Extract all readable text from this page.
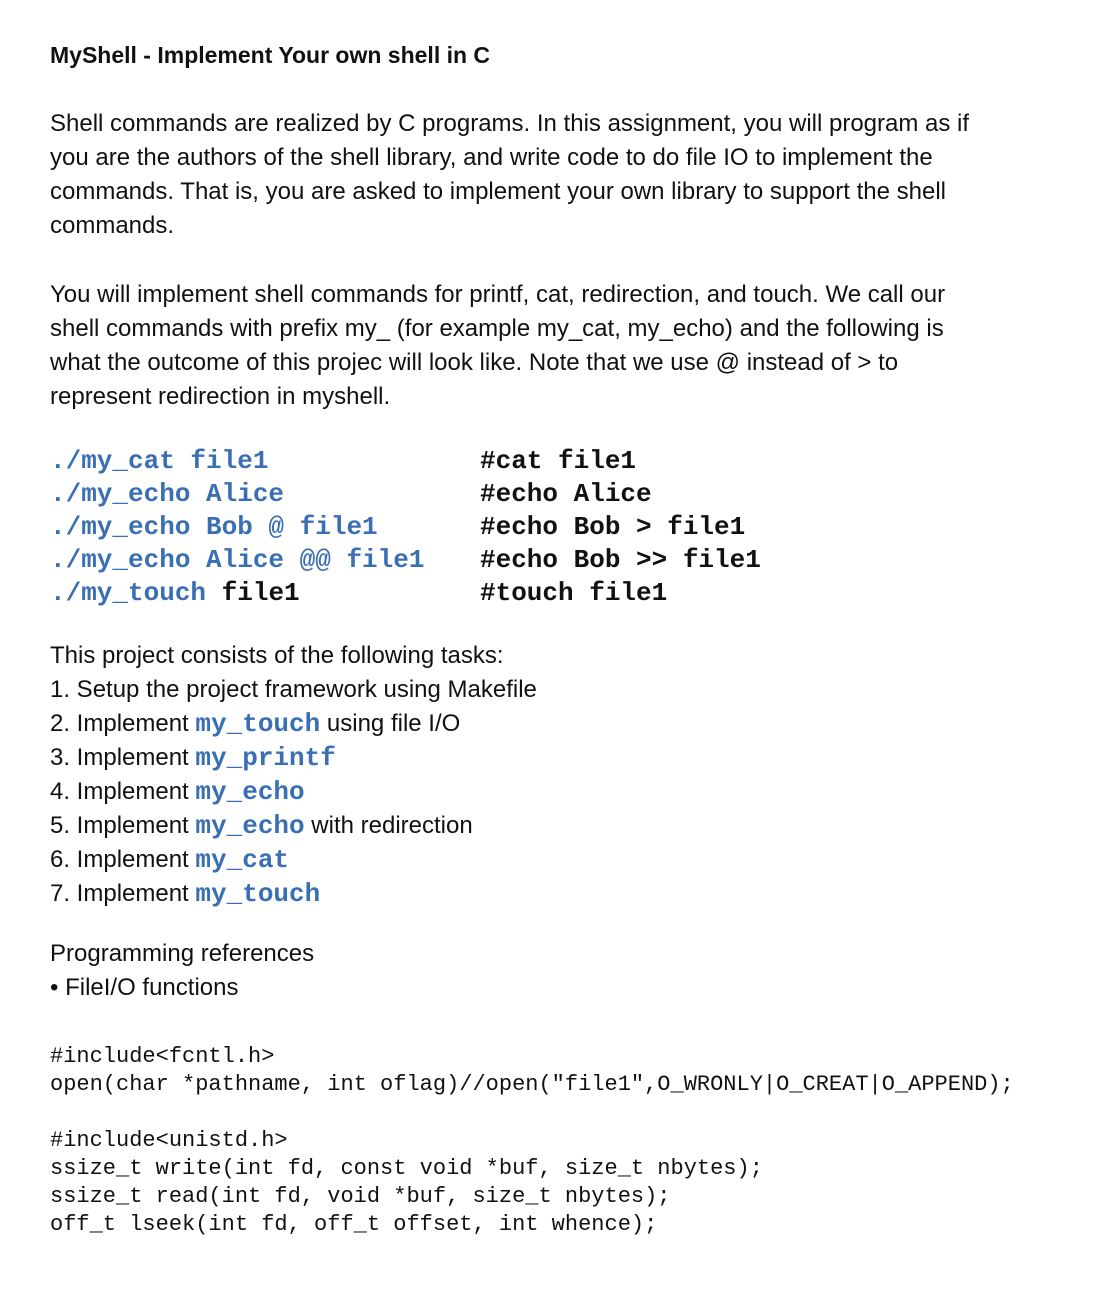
MyShell - Implement Your own shell in C
Shell commands are realized by C programs. In this assignment, you will program as if
you are the authors of the shell library, and write code to do file IO to implement the
commands. That is, you are asked to implement your own library to support the shell
commands.
You will implement shell commands for printf, cat, redirection, and touch. We call our
shell commands with prefix my_ (for example my_cat, my_echo) and the following is
what the outcome of this projec will look like. Note that we use @ instead of > to
represent redirection in myshell.
./my_cat file1
./my_echo Alice
./my_echo Bob @ file1
./my_echo Alice @@ file1
./my_touch file1
#cat file1
#echo Alice
#echo Bob > file1
#echo Bob >> file1
#touch file1
This project consists of the following tasks:
1. Setup the project framework using Makefile
2. Implement my_touch using file I/O
3. Implement my_printf
4. Implement my_echo
5. Implement my_echo with redirection
6. Implement my_cat
7. Implement my_touch
Programming references
• FileI/O functions
#include<fcntl.h>
open(char *pathname, int oflag)//open("file1",O_WRONLY|O_CREAT|O_APPEND);
#include<unistd.h>
ssize_t write(int fd, const void *buf, size_t nbytes);
ssize_t read(int fd, void *buf, size_t nbytes);
off_t lseek(int fd, off_t offset, int whence);
